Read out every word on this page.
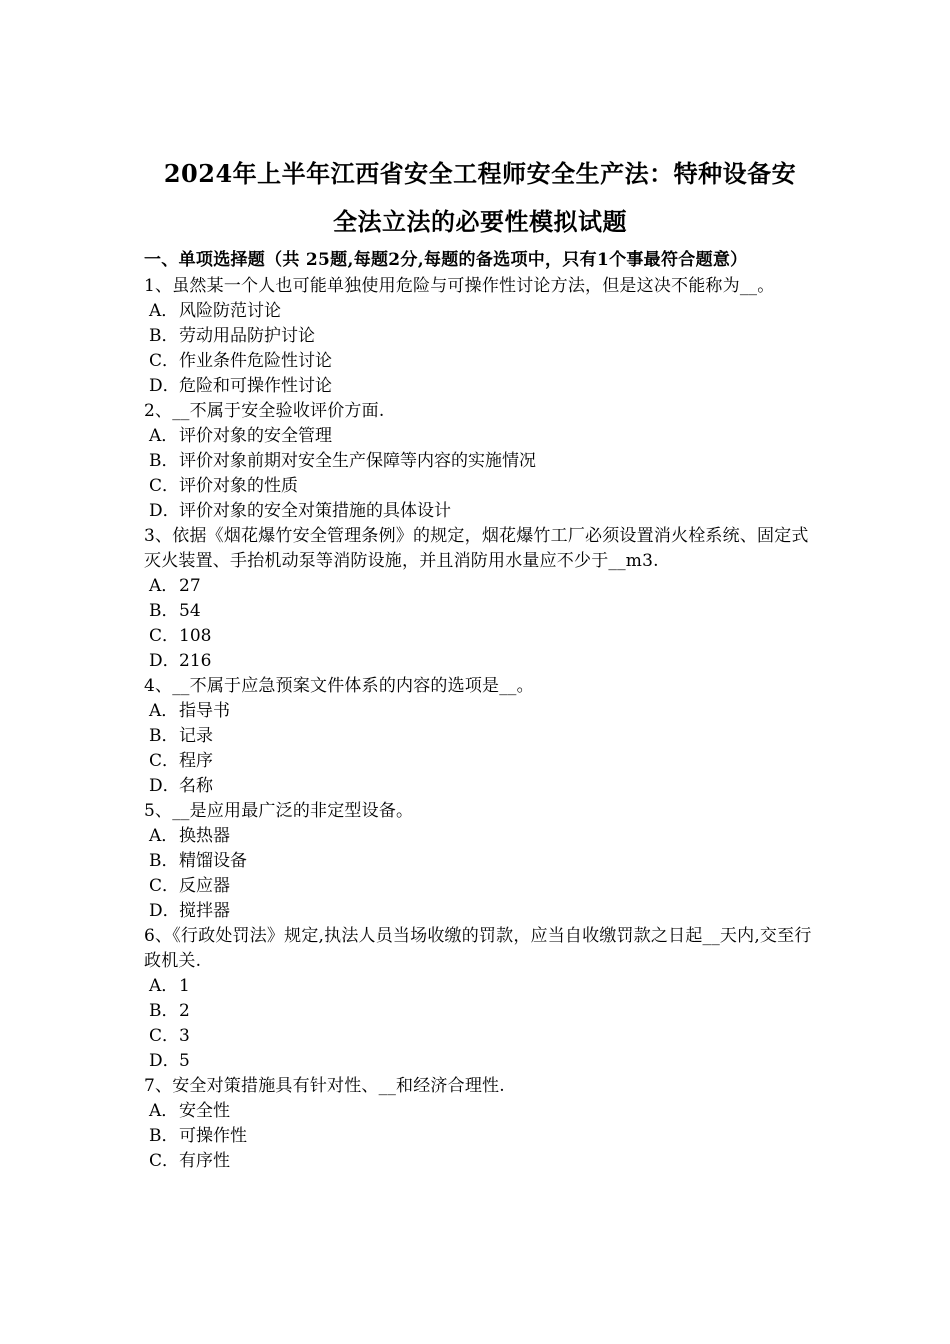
2024年上半年江西省安全工程师安全生产法：特种设备安
全法立法的必要性模拟试题
一、单项选择题（共 25题,每题2分,每题的备选项中，只有1个事最符合题意）
1、虽然某一个人也可能单独使用危险与可操作性讨论方法，但是这决不能称为__。
A．风险防范讨论
B．劳动用品防护讨论
C．作业条件危险性讨论
D．危险和可操作性讨论
2、__不属于安全验收评价方面.
A．评价对象的安全管理
B．评价对象前期对安全生产保障等内容的实施情况
C．评价对象的性质
D．评价对象的安全对策措施的具体设计
3、依据《烟花爆竹安全管理条例》的规定，烟花爆竹工厂必须设置消火栓系统、固定式灭火装置、手抬机动泵等消防设施，并且消防用水量应不少于__m3.
A．27
B．54
C．108
D．216
4、__不属于应急预案文件体系的内容的选项是__。
A．指导书
B．记录
C．程序
D．名称
5、__是应用最广泛的非定型设备。
A．换热器
B．精馏设备
C．反应器
D．搅拌器
6、《行政处罚法》规定,执法人员当场收缴的罚款，应当自收缴罚款之日起__天内,交至行政机关.
A．1
B．2
C．3
D．5
7、安全对策措施具有针对性、__和经济合理性.
A．安全性
B．可操作性
C．有序性
